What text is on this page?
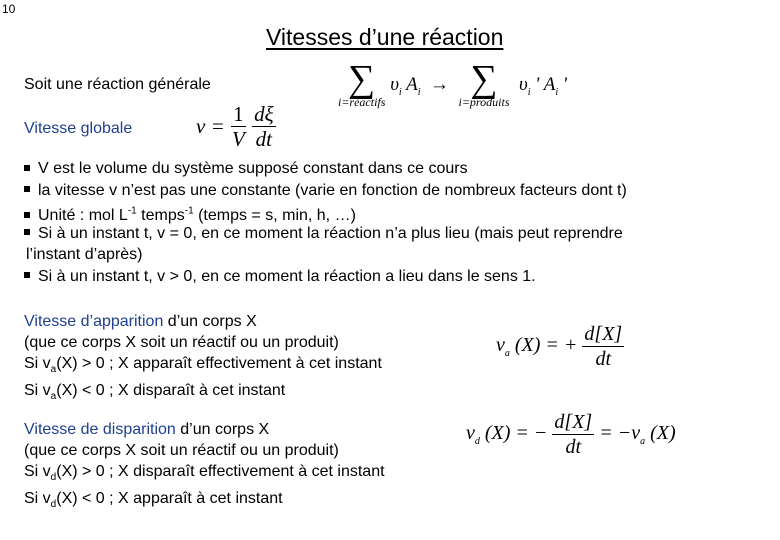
10
Vitesses d’une réaction
Soit une réaction générale	∑
i=réactifs
$\upsilon_i$ $A_i$  → ∑
i=produits
$\upsilon_i$ ' $A_i$ '
Vitesse globale	$v = \frac{1}{V}$
$\frac{d\xi}{dt}$
V est le volume du système supposé constant dans ce cours
la vitesse v n’est pas une constante (varie en fonction de nombreux facteurs dont t)
Unité : mol $L^{-1}$ temps$^{-1}$ (temps = s, min, h, …)
Si à un instant t, v = 0, en ce moment la réaction n’a plus lieu (mais peut reprendre
l’instant d’après)
Si à un instant t, v > 0, en ce moment la réaction a lieu dans le sens 1.
Vitesse d’apparition d’un corps X
(que ce corps X soit un réactif ou un produit)
Si $v_a(X) > 0$ ; X apparaît effectivement à cet instant
Si $v_a(X) < 0$ ; X disparaît à cet instant
$v_a$ (X) = + $\frac{d[X]}{dt}$
Vitesse de disparition d’un corps X
(que ce corps X soit un réactif ou un produit)
Si $v_d(X) > 0$ ; X disparaît effectivement à cet instant
Si $v_d(X) < 0$ ; X apparaît à cet instant
$v_d$ (X) = − $\frac{d[X]}{dt} = -v_a$ (X)
